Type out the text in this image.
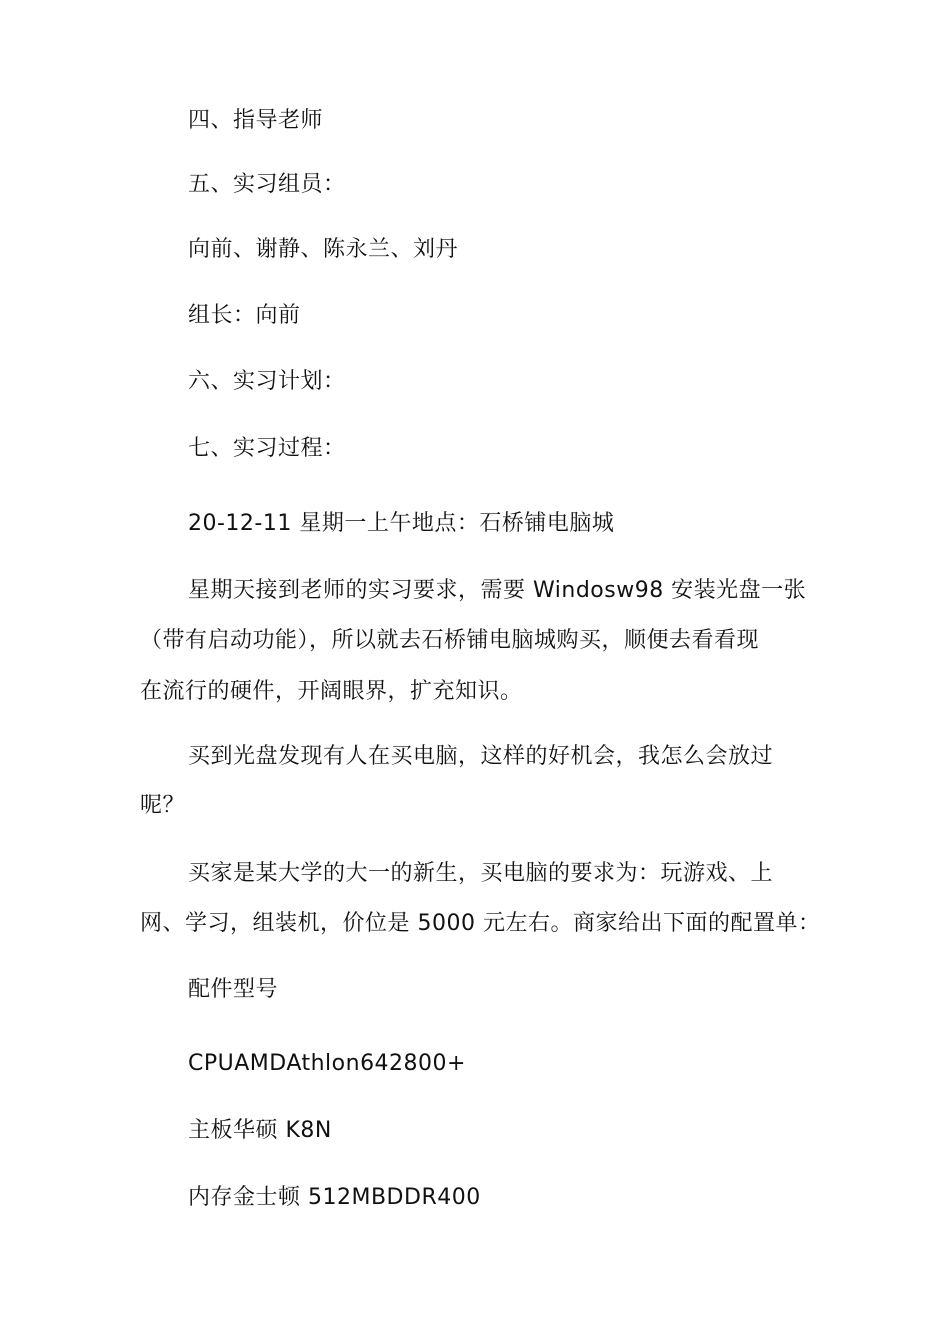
四、指导老师

五、实习组员：

向前、谢静、陈永兰、刘丹

组长：向前

六、实习计划：

七、实习过程：

20-12-11 星期一上午地点：石桥铺电脑城

星期天接到老师的实习要求，需要 Windosw98 安装光盘一张

（带有启动功能），所以就去石桥铺电脑城购买，顺便去看看现

在流行的硬件，开阔眼界，扩充知识。

买到光盘发现有人在买电脑，这样的好机会，我怎么会放过

呢？

买家是某大学的大一的新生，买电脑的要求为：玩游戏、上

网、学习，组装机，价位是 5000 元左右。商家给出下面的配置单：

配件型号

CPUAMDAthlon642800+

主板华硕 K8N

内存金士顿 512MBDDR400
